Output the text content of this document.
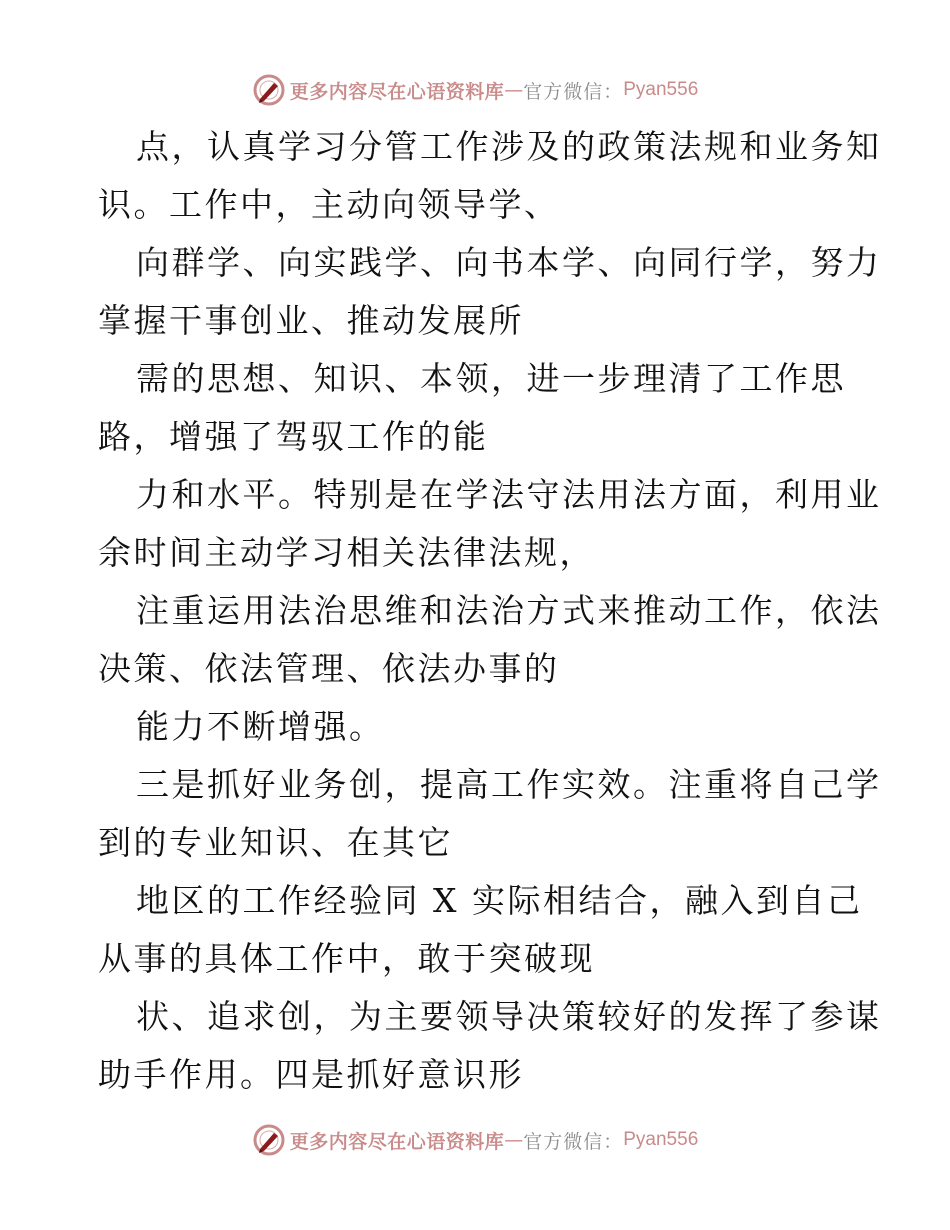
更多内容尽在心语资料库 — 官方微信： Pyan556
点，认真学习分管工作涉及的政策法规和业务知
识。工作中，主动向领导学、
向群学、向实践学、向书本学、向同行学，努力
掌握干事创业、推动发展所
需的思想、知识、本领，进一步理清了工作思
路，增强了驾驭工作的能
力和水平。特别是在学法守法用法方面，利用业
余时间主动学习相关法律法规，
注重运用法治思维和法治方式来推动工作，依法
决策、依法管理、依法办事的
能力不断增强。
三是抓好业务创，提高工作实效。注重将自己学
到的专业知识、在其它
地区的工作经验同 X 实际相结合，融入到自己
从事的具体工作中，敢于突破现
状、追求创，为主要领导决策较好的发挥了参谋
助手作用。四是抓好意识形
更多内容尽在心语资料库 — 官方微信： Pyan556
